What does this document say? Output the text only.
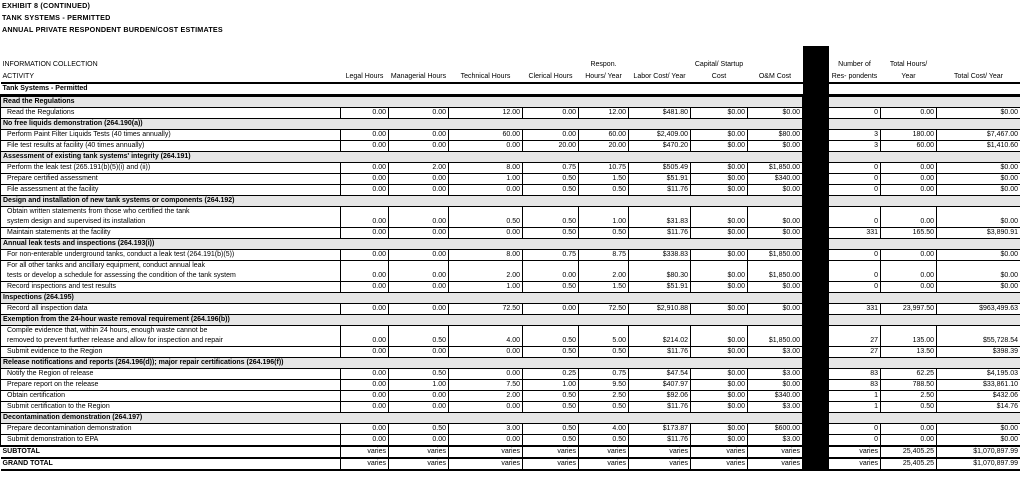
EXHIBIT 8 (CONTINUED)
TANK SYSTEMS - PERMITTED
ANNUAL PRIVATE RESPONDENT BURDEN/COST ESTIMATES
INFORMATION COLLECTION
ACTIVITY	Legal Hours	Managerial Hours	Technical Hours	Clerical Hours	Respon. Hours/ Year	Labor Cost/ Year	Capital/ Startup Cost	O&M Cost		Number of Res- pondents	Total Hours/ Year	Total Cost/ Year
Tank Systems - Permitted												
Read the Regulations												
Read the Regulations	0.00	0.00	12.00	0.00	12.00	$481.80	$0.00	$0.00		0	0.00	$0.00
No free liquids demonstration (264.190(a))												
Perform Paint Filter Liquids Tests (40 times annually)	0.00	0.00	60.00	0.00	60.00	$2,409.00	$0.00	$80.00		3	180.00	$7,467.00
File test results at facility (40 times annually)	0.00	0.00	0.00	20.00	20.00	$470.20	$0.00	$0.00		3	60.00	$1,410.60
Assessment of existing tank systems' integrity (264.191)												
Perform the leak test (265.191(b)(5)(i) and (ii))	0.00	2.00	8.00	0.75	10.75	$505.49	$0.00	$1,850.00		0	0.00	$0.00
Prepare certified assessment	0.00	0.00	1.00	0.50	1.50	$51.91	$0.00	$340.00		0	0.00	$0.00
File assessment at the facility	0.00	0.00	0.00	0.50	0.50	$11.76	$0.00	$0.00		0	0.00	$0.00
Design and installation of new tank systems or components (264.192)												
Obtain written statements from those who certified the tank
system design and supervised its installation	0.00	0.00	0.50	0.50	1.00	$31.83	$0.00	$0.00		0	0.00	$0.00
Maintain statements at the facility	0.00	0.00	0.00	0.50	0.50	$11.76	$0.00	$0.00		331	165.50	$3,890.91
Annual leak tests and inspections (264.193(i))												
For non-enterable underground tanks, conduct a leak test (264.191(b)(5))	0.00	0.00	8.00	0.75	8.75	$338.83	$0.00	$1,850.00		0	0.00	$0.00
For all other tanks and ancillary equipment, conduct annual leak
tests or develop a schedule for assessing the condition of the tank system	0.00	0.00	2.00	0.00	2.00	$80.30	$0.00	$1,850.00		0	0.00	$0.00
Record inspections and test results	0.00	0.00	1.00	0.50	1.50	$51.91	$0.00	$0.00		0	0.00	$0.00
Inspections (264.195)												
Record all inspection data	0.00	0.00	72.50	0.00	72.50	$2,910.88	$0.00	$0.00		331	23,997.50	$963,499.63
Exemption from the 24-hour waste removal requirement (264.196(b))												
Compile evidence that, within 24 hours, enough waste cannot be
removed to prevent further release and allow for inspection and repair	0.00	0.50	4.00	0.50	5.00	$214.02	$0.00	$1,850.00		27	135.00	$55,728.54
Submit evidence to the Region	0.00	0.00	0.00	0.50	0.50	$11.76	$0.00	$3.00		27	13.50	$398.39
Release notifications and reports (264.196(d)); major repair certifications (264.196(f))												
Notify the Region of release	0.00	0.50	0.00	0.25	0.75	$47.54	$0.00	$3.00		83	62.25	$4,195.03
Prepare report on the release	0.00	1.00	7.50	1.00	9.50	$407.97	$0.00	$0.00		83	788.50	$33,861.10
Obtain certification	0.00	0.00	2.00	0.50	2.50	$92.06	$0.00	$340.00		1	2.50	$432.06
Submit certification to the Region	0.00	0.00	0.00	0.50	0.50	$11.76	$0.00	$3.00		1	0.50	$14.76
Decontamination demonstration (264.197)												
Prepare decontamination demonstration	0.00	0.50	3.00	0.50	4.00	$173.87	$0.00	$600.00		0	0.00	$0.00
Submit demonstration to EPA	0.00	0.00	0.00	0.50	0.50	$11.76	$0.00	$3.00		0	0.00	$0.00
SUBTOTAL	varies	varies	varies	varies	varies	varies	varies	varies		varies	25,405.25	$1,070,897.99
GRAND TOTAL	varies	varies	varies	varies	varies	varies	varies	varies		varies	25,405.25	$1,070,897.99
